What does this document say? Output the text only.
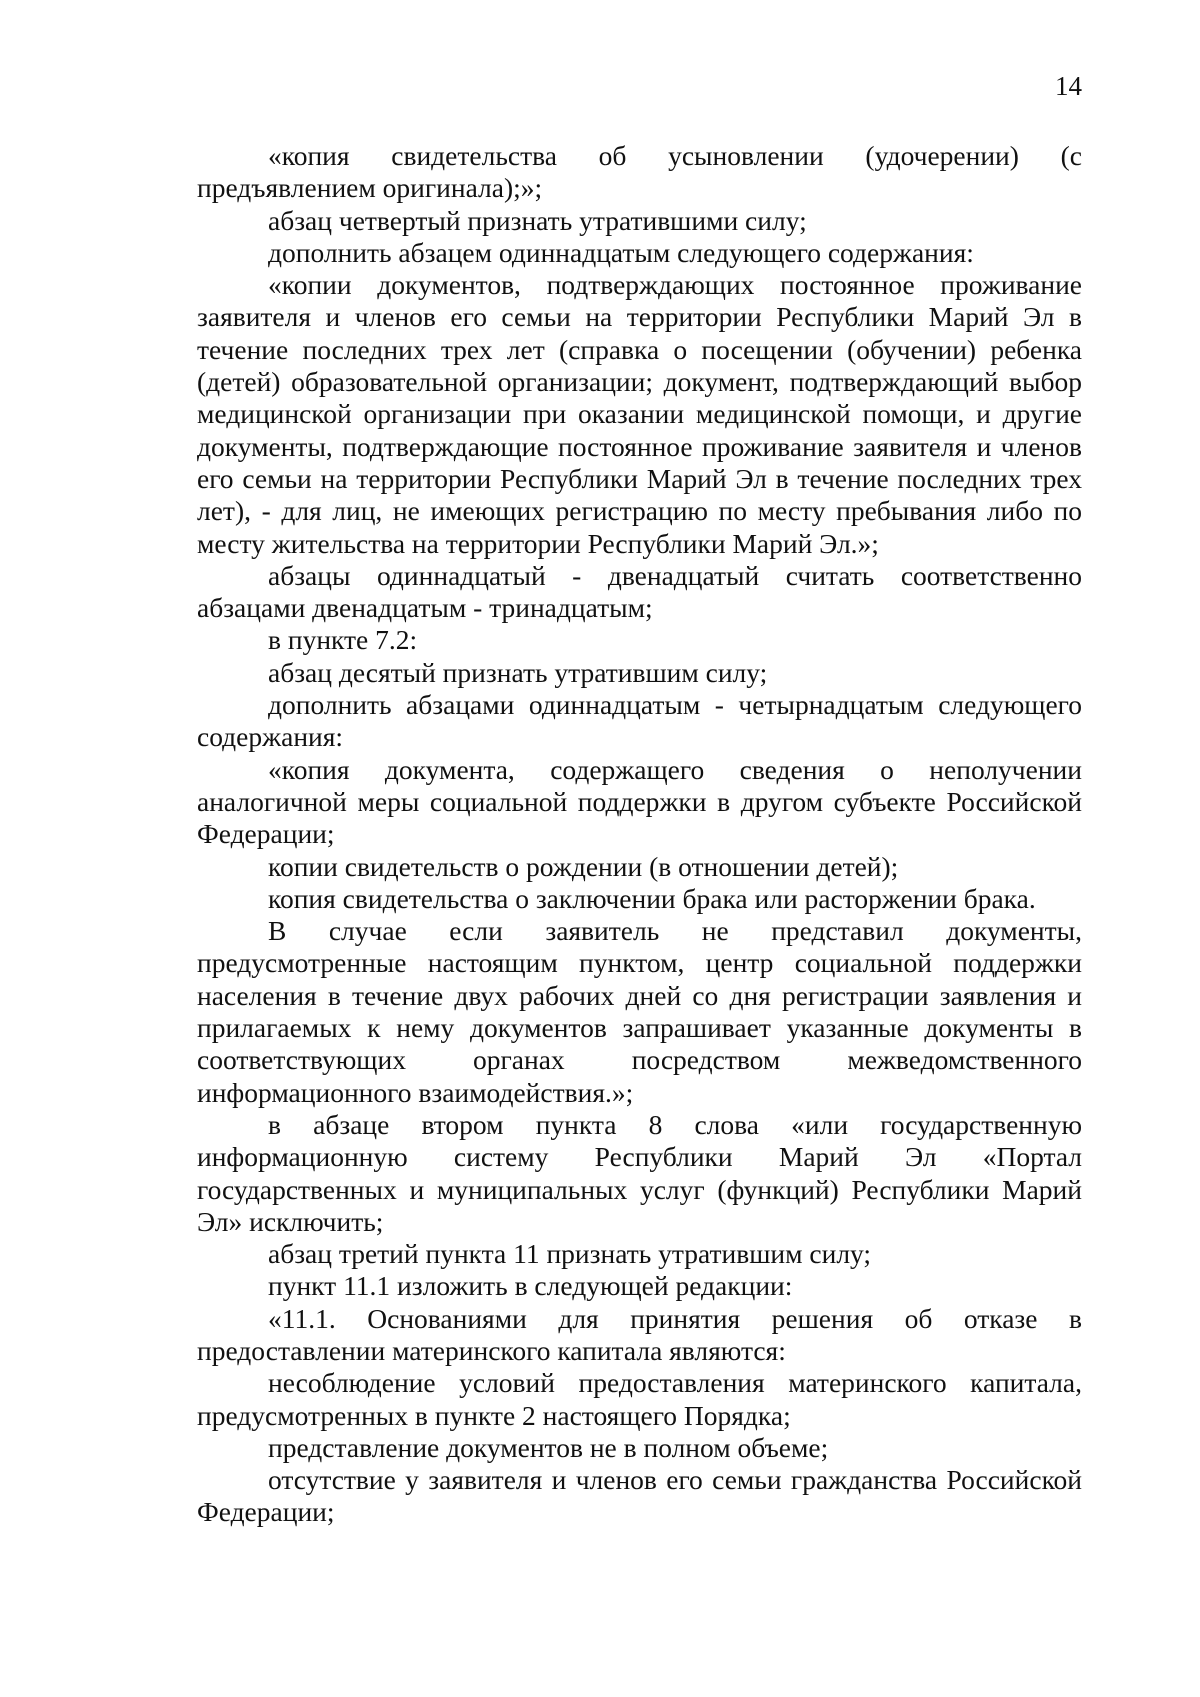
14

«копия свидетельства об усыновлении (удочерении) (с предъявлением оригинала);»;

абзац четвертый признать утратившими силу;

дополнить абзацем одиннадцатым следующего содержания:

«копии документов, подтверждающих постоянное проживание заявителя и членов его семьи на территории Республики Марий Эл в течение последних трех лет (справка о посещении (обучении) ребенка (детей) образовательной организации; документ, подтверждающий выбор медицинской организации при оказании медицинской помощи, и другие документы, подтверждающие постоянное проживание заявителя и членов его семьи на территории Республики Марий Эл в течение последних трех лет), - для лиц, не имеющих регистрацию по месту пребывания либо по месту жительства на территории Республики Марий Эл.»;

абзацы одиннадцатый - двенадцатый считать соответственно абзацами двенадцатым - тринадцатым;

в пункте 7.2:

абзац десятый признать утратившим силу;

дополнить абзацами одиннадцатым - четырнадцатым следующего содержания:

«копия документа, содержащего сведения о неполучении аналогичной меры социальной поддержки в другом субъекте Российской Федерации;

копии свидетельств о рождении (в отношении детей);

копия свидетельства о заключении брака или расторжении брака.

В случае если заявитель не представил документы, предусмотренные настоящим пунктом, центр социальной поддержки населения в течение двух рабочих дней со дня регистрации заявления и прилагаемых к нему документов запрашивает указанные документы в соответствующих органах посредством межведомственного информационного взаимодействия.»;

в абзаце втором пункта 8 слова «или государственную информационную систему Республики Марий Эл «Портал государственных и муниципальных услуг (функций) Республики Марий Эл» исключить;

абзац третий пункта 11 признать утратившим силу;

пункт 11.1 изложить в следующей редакции:

«11.1. Основаниями для принятия решения об отказе в предоставлении материнского капитала являются:

несоблюдение условий предоставления материнского капитала, предусмотренных в пункте 2 настоящего Порядка;

представление документов не в полном объеме;

отсутствие у заявителя и членов его семьи гражданства Российской Федерации;
